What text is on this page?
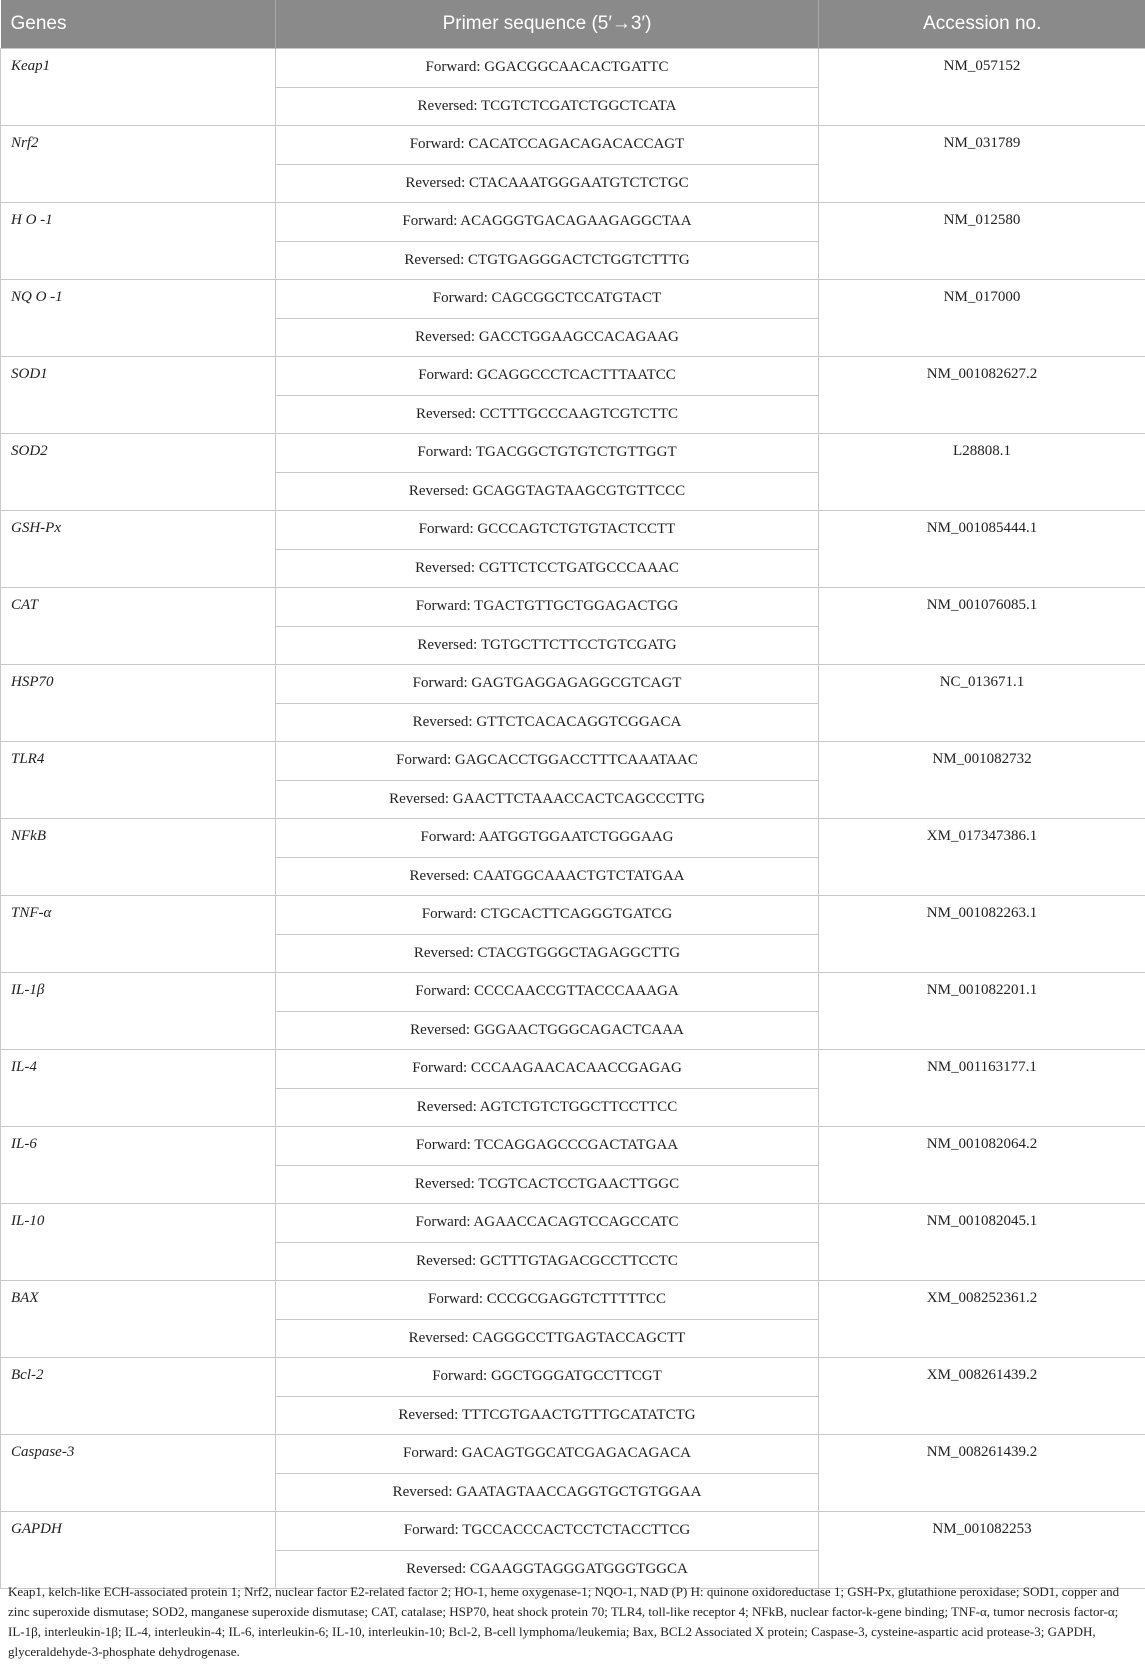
Genes	Primer sequence (5′→3′)	Accession no.
Keap1	Forward: GGACGGCAACACTGATTC	NM_057152
	Reversed: TCGTCTCGATCTGGCTCATA	
Nrf2	Forward: CACATCCAGACAGACACCAGT	NM_031789
	Reversed: CTACAAATGGGAATGTCTCTGC	
H O -1	Forward: ACAGGGTGACAGAAGAGGCTAA	NM_012580
	Reversed: CTGTGAGGGACTCTGGTCTTTG	
NQ O -1	Forward: CAGCGGCTCCATGTACT	NM_017000
	Reversed: GACCTGGAAGCCACAGAAG	
SOD1	Forward: GCAGGCCCTCACTTTAATCC	NM_001082627.2
	Reversed: CCTTTGCCCAAGTCGTCTTC	
SOD2	Forward: TGACGGCTGTGTCTGTTGGT	L28808.1
	Reversed: GCAGGTAGTAAGCGTGTTCCC	
GSH-Px	Forward: GCCCAGTCTGTGTACTCCTT	NM_001085444.1
	Reversed: CGTTCTCCTGATGCCCAAAC	
CAT	Forward: TGACTGTTGCTGGAGACTGG	NM_001076085.1
	Reversed: TGTGCTTCTTCCTGTCGATG	
HSP70	Forward: GAGTGAGGAGAGGCGTCAGT	NC_013671.1
	Reversed: GTTCTCACACAGGTCGGACA	
TLR4	Forward: GAGCACCTGGACCTTTCAAATAAC	NM_001082732
	Reversed: GAACTTCTAAACCACTCAGCCCTTG	
NFkB	Forward: AATGGTGGAATCTGGGAAG	XM_017347386.1
	Reversed: CAATGGCAAACTGTCTATGAA	
TNF-α	Forward: CTGCACTTCAGGGTGATCG	NM_001082263.1
	Reversed: CTACGTGGGCTAGAGGCTTG	
IL-1β	Forward: CCCCAACCGTTACCCAAAGA	NM_001082201.1
	Reversed: GGGAACTGGGCAGACTCAAA	
IL-4	Forward: CCCAAGAACACAACCGAGAG	NM_001163177.1
	Reversed: AGTCTGTCTGGCTTCCTTCC	
IL-6	Forward: TCCAGGAGCCCGACTATGAA	NM_001082064.2
	Reversed: TCGTCACTCCTGAACTTGGC	
IL-10	Forward: AGAACCACAGTCCAGCCATC	NM_001082045.1
	Reversed: GCTTTGTAGACGCCTTCCTC	
BAX	Forward: CCCGCGAGGTCTTTTTCC	XM_008252361.2
	Reversed: CAGGGCCTTGAGTACCAGCTT	
Bcl-2	Forward: GGCTGGGATGCCTTCGT	XM_008261439.2
	Reversed: TTTCGTGAACTGTTTGCATATCTG	
Caspase-3	Forward: GACAGTGGCATCGAGACAGACA	NM_008261439.2
	Reversed: GAATAGTAACCAGGTGCTGTGGAA	
GAPDH	Forward: TGCCACCCACTCCTCTACCTTCG	NM_001082253
	Reversed: CGAAGGTAGGGATGGGTGGCA	
Keap1, kelch-like ECH-associated protein 1; Nrf2, nuclear factor E2-related factor 2; HO-1, heme oxygenase-1; NQO-1, NAD (P) H: quinone oxidoreductase 1; GSH-Px, glutathione peroxidase; SOD1, copper and zinc superoxide dismutase; SOD2, manganese superoxide dismutase; CAT, catalase; HSP70, heat shock protein 70; TLR4, toll-like receptor 4; NFkB, nuclear factor-k-gene binding; TNF-α, tumor necrosis factor-α; IL-1β, interleukin-1β; IL-4, interleukin-4; IL-6, interleukin-6; IL-10, interleukin-10; Bcl-2, B-cell lymphoma/leukemia; Bax, BCL2 Associated X protein; Caspase-3, cysteine-aspartic acid protease-3; GAPDH, glyceraldehyde-3-phosphate dehydrogenase.
